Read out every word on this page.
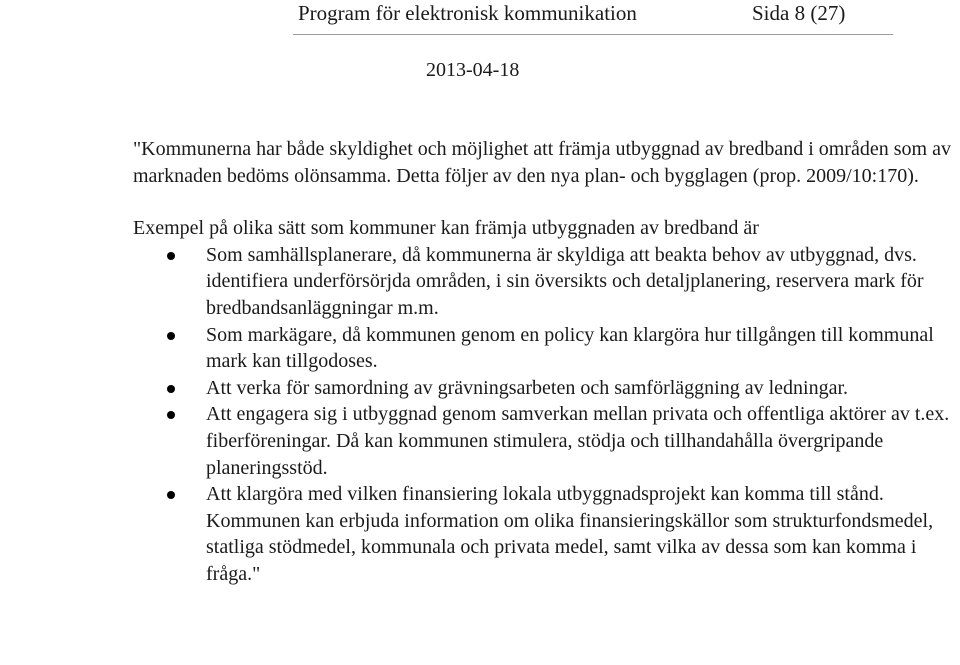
Program för elektronisk kommunikation	Sida 8 (27)
2013-04-18

"Kommunerna har både skyldighet och möjlighet att främja utbyggnad av bredband i områden som av marknaden bedöms olönsamma. Detta följer av den nya plan- och bygglagen (prop. 2009/10:170).

Exempel på olika sätt som kommuner kan främja utbyggnaden av bredband är

Som samhällsplanerare, då kommunerna är skyldiga att beakta behov av utbyggnad, dvs. identifiera underförsörjda områden, i sin översikts och detaljplanering, reservera mark för bredbandsanläggningar m.m.
Som markägare, då kommunen genom en policy kan klargöra hur tillgången till kommunal mark kan tillgodoses.
Att verka för samordning av grävningsarbeten och samförläggning av ledningar.
Att engagera sig i utbyggnad genom samverkan mellan privata och offentliga aktörer av t.ex. fiberföreningar. Då kan kommunen stimulera, stödja och tillhandahålla övergripande planeringsstöd.
Att klargöra med vilken finansiering lokala utbyggnadsprojekt kan komma till stånd. Kommunen kan erbjuda information om olika finansieringskällor som strukturfondsmedel, statliga stödmedel, kommunala och privata medel, samt vilka av dessa som kan komma i fråga."
